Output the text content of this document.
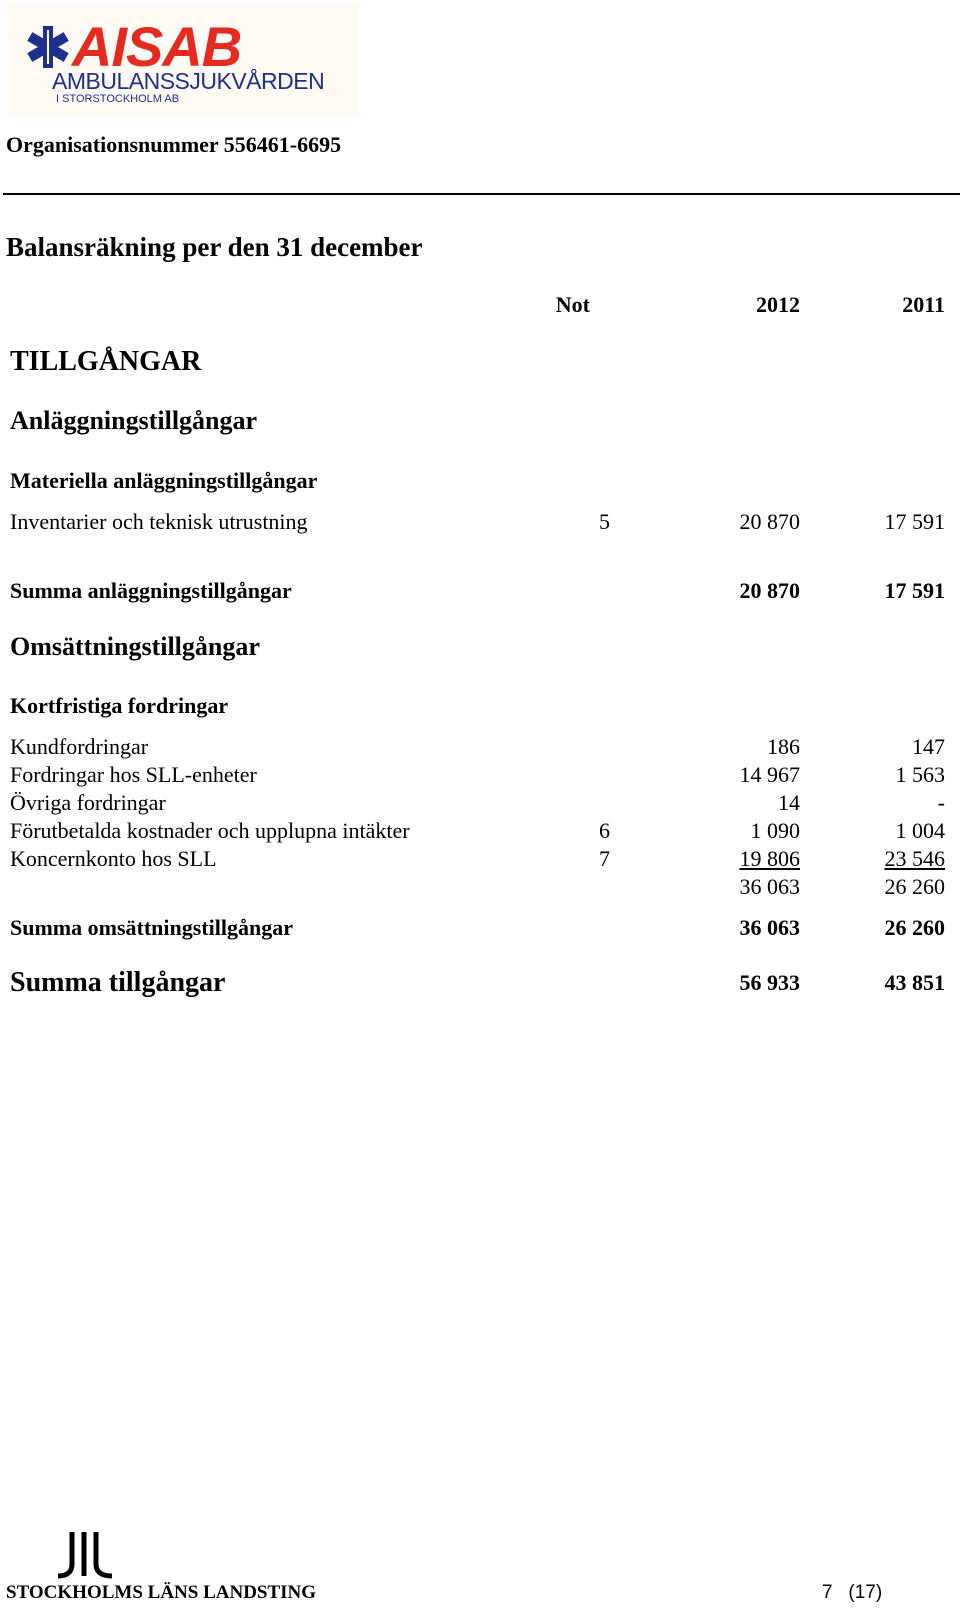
AISAB
AMBULANSSJUKVÅRDEN
I STORSTOCKHOLM AB
Organisationsnummer 556461-6695
Balansräkning per den 31 december
Not	2012	2011
TILLGÅNGAR
Anläggningstillgångar
Materiella anläggningstillgångar
Inventarier och teknisk utrustning	5	20 870	17 591
Summa anläggningstillgångar	20 870	17 591
Omsättningstillgångar
Kortfristiga fordringar
Kundfordringar	186	147
Fordringar hos SLL-enheter	14 967	1 563
Övriga fordringar	14	-
Förutbetalda kostnader och upplupna intäkter	6	1 090	1 004
Koncernkonto hos SLL	7	19 806	23 546
36 063	26 260
Summa omsättningstillgångar	36 063	26 260
Summa tillgångar	56 933	43 851
STOCKHOLMS LÄNS LANDSTING	7   (17)
